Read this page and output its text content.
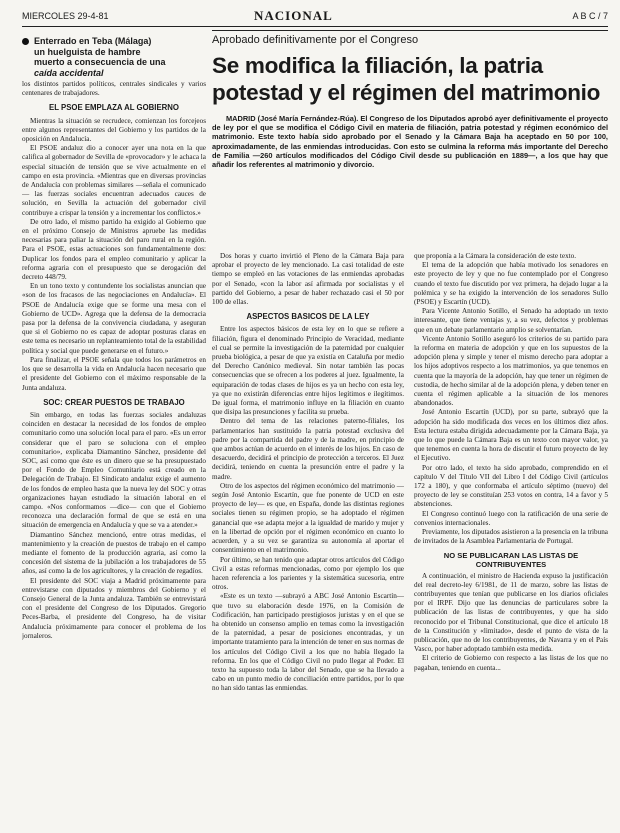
MIERCOLES 29-4-81	NACIONAL	A B C / 7
Enterrado en Teba (Málaga)
un huelguista de hambre
muerto a consecuencia de una
caída accidental

los distintos partidos políticos, centrales sindicales y varios centenares de trabajadores.

EL PSOE EMPLAZA AL GOBIERNO

Mientras la situación se recrudece, comienzan los forcejeos entre algunos representantes del Gobierno y los partidos de la oposición en Andalucía.

El PSOE andaluz dio a conocer ayer una nota en la que califica al gobernador de Sevilla de «provocador» y le achaca la especial situación de tensión que se vive actualmente en el campo en esta provincia. «Mientras que en diversas provincias de Andalucía con problemas similares —señala el comunicado— las fuerzas sociales encuentran adecuados cauces de solución, en Sevilla la actuación del gobernador civil contribuye a crispar la tensión y a incrementar los conflictos.»

De otro lado, el mismo partido ha exigido al Gobierno que en el próximo Consejo de Ministros apruebe las medidas necesarias para paliar la situación del paro rural en la región. Para el PSOE, estas actuaciones son fundamentalmente dos: Duplicar los fondos para el empleo comunitario y aplicar la reforma agraria con el presupuesto que se derogación del decreto 448/79.

En un tono texto y contundente los socialistas anuncian que «son de los fracasos de las negociaciones en Andalucía». El PSOE de Andalucía exige que se forme una mesa con el Gobierno de UCD». Agrega que la defensa de la democracia pasa por la defensa de la convivencia ciudadana, y aseguran que si el Gobierno no es capaz de adoptar posturas claras en este tema es necesario un replanteamiento total de la estabilidad política y social que puede generarse en el futuro.»

Para finalizar, el PSOE señala que todos los parámetros en los que se desarrolla la vida en Andalucía hacen necesario que el presidente del Gobierno con el máximo responsable de la Junta andaluza.

SOC: CREAR PUESTOS DE TRABAJO

Sin embargo, en todas las fuerzas sociales andaluzas coinciden en destacar la necesidad de los fondos de empleo comunitario como una solución local para el paro. «Es un error considerar que el paro se soluciona con el empleo comunitario», explicaba Diamantino Sánchez, presidente del SOC, así como que éste es un dinero que se ha presupuestado por el Fondo de Empleo Comunitario está creado en la Delegación de Trabajo. El Sindicato andaluz exige el aumento de los fondos de empleo hasta que la nueva ley del SOC y otras organizaciones hayan estudiado la situación laboral en el campo. «Nos conformamos —dice— con que el Gobierno reconozca una declaración formal de que se está en una situación de emergencia en Andalucía y que se va a atender.»

Diamantino Sánchez mencionó, entre otras medidas, el mantenimiento y la creación de puestos de trabajo en el campo mediante el fomento de la producción agraria, así como la concesión del sistema de la jubilación a los trabajadores de 55 años, así como la de los agricultores, y la creación de regadíos.

El presidente del SOC viaja a Madrid próximamente para entrevistarse con diputados y miembros del Gobierno y el Consejo General de la Junta andaluza. También se entrevistará con el presidente del Congreso de los Diputados. Gregorio Peces-Barba, el presidente del Congreso, ha de visitar Andalucía próximamente para conocer el problema de los jornaleros.

Aprobado definitivamente por el Congreso
Se modifica la filiación, la patria
potestad y el régimen del matrimonio

MADRID (José María Fernández-Rúa). El Congreso de los Diputados aprobó ayer definitivamente el proyecto de ley por el que se modifica el Código Civil en materia de filiación, patria potestad y régimen económico del matrimonio. Este texto había sido aprobado por el Senado y la Cámara Baja ha aceptado en 50 por 100, aproximadamente, de las enmiendas introducidas. Con esto se culmina la reforma más importante del Derecho de Familia —260 artículos modificados del Código Civil desde su publicación en 1889—, a los que hay que añadir los referentes al matrimonio y divorcio.

Dos horas y cuarto invirtió el Pleno de la Cámara Baja para aprobar el proyecto de ley mencionado. La casi totalidad de este tiempo se empleó en las votaciones de las enmiendas aprobadas por el Senado, «con la labor así afirmada por socialistas y el partido del Gobierno, a pesar de haber rechazado casi el 50 por 100 de ellas.

ASPECTOS BASICOS DE LA LEY

Entre los aspectos básicos de esta ley en lo que se refiere a filiación, figura el denominado Principio de Veracidad, mediante el cual se permite la investigación de la paternidad por cualquier prueba biológica, a pesar de que ya existía en Cataluña por medio del Derecho Canónico medieval. Sin notar también las pocas consecuencias que se ofrecen a los poderes al juez. Igualmente, la equiparación de todas clases de hijos es ya un hecho con esta ley, ya que no existirán diferencias entre hijos legítimos e ilegítimos. De igual forma, el matrimonio influye en la filiación en cuanto que disipa las presunciones y facilita su prueba.

Dentro del tema de las relaciones paterno-filiales, los parlamentarios han sustituido la patria potestad exclusiva del padre por la compartida del padre y de la madre, en principio de que ambos actúan de acuerdo en el interés de los hijos. En caso de desacuerdo, decidirá el principio de protección a terceros. El Juez decidirá, teniendo en cuenta la presunción entre el padre y la madre.

Otro de los aspectos del régimen económico del matrimonio —según José Antonio Escartín, que fue ponente de UCD en este proyecto de ley— es que, en España, donde las distintas regiones sociales tienen su régimen propio, se ha adoptado el régimen ganancial que «se adapta mejor a la igualdad de marido y mujer y en la libertad de opción por el régimen económico en cuanto lo acuerden, y a su vez se garantiza su autonomía al aportar el consentimiento en el matrimonio.

Por último, se han tenido que adaptar otros artículos del Código Civil a estas reformas mencionadas, como por ejemplo los que hacen referencia a los parientes y la sistemática sucesoria, entre otros.

«Este es un texto —subrayó a ABC José Antonio Escartín— que tuvo su elaboración desde 1976, en la Comisión de Codificación, han participado prestigiosos juristas y en el que se ha obtenido un consenso amplio en temas como la investigación de la paternidad, a pesar de posiciones encontradas, y un importante tratamiento para la intención de tener en sus normas de los artículos del Código Civil a los que no había llegado la reforma. En los que el Código Civil no pudo llegar al Poder. El texto ha supuesto toda la labor del Senado, que se ha llevado a cabo en un punto medio de conciliación entre partidos, por lo que no han sido tantas las enmiendas.

que proponía a la Cámara la consideración de este texto.

El tema de la adopción que había motivado los senadores en este proyecto de ley y que no fue contemplado por el Congreso cuando el texto fue discutido por vez primera, ha dejado lugar a la polémica y se ha exigido la intervención de los senadores Sullo (PSOE) y Escartín (UCD).

Para Vicente Antonio Sotillo, el Senado ha adoptado un texto interesante, que tiene ventajas y, a su vez, defectos y problemas que en un debate parlamentario amplio se solventarían.

Vicente Antonio Sotillo aseguró los criterios de su partido para la reforma en materia de adopción y que en los supuestos de la adopción plena y simple y tener el mismo derecho para adoptar a los hijos adoptivos respecto a los matrimonios, ya que tenemos en cuenta que la mayoría de la adopción, hay que tener un régimen de custodia, de hecho similar al de la adopción plena, y deben tener en cuenta el régimen aplicable a la situación de los menores abandonados.

José Antonio Escartín (UCD), por su parte, subrayó que la adopción ha sido modificada dos veces en los últimos diez años. Esta lectura estaba dirigida adecuadamente por la Cámara Baja, ya que lo que puede la Cámara Baja es un texto con mayor valor, ya que tenemos en cuenta la hora de discutir el futuro proyecto de ley el Ejecutivo.

Por otro lado, el texto ha sido aprobado, comprendido en el capítulo V del Título VII del Libro I del Código Civil (artículos 172 a 180), y que conformaba el artículo séptimo (nuevo) del proyecto de ley se constituían 253 votos en contra, 14 a favor y 5 abstenciones.

El Congreso continuó luego con la ratificación de una serie de convenios internacionales.

Previamente, los diputados asistieron a la presencia en la tribuna de invitados de la Asamblea Parlamentaria de Portugal.

NO SE PUBLICARAN LAS LISTAS DE CONTRIBUYENTES

A continuación, el ministro de Hacienda expuso la justificación del real decreto-ley 6/1981, de 11 de marzo, sobre las listas de contribuyentes que tenían que publicarse en los diarios oficiales por el IRPF. Dijo que las denuncias de particulares sobre la publicación de las listas de contribuyentes, y que ha sido reconocido por el Tribunal Constitucional, que dice el artículo 18 de la Constitución y «limitado», desde el punto de vista de la publicación, que no de los contribuyentes, de Navarra y en el País Vasco, por haber adoptado también esta medida.

El criterio de Gobierno con respecto a las listas de los que no pagaban, teniendo en cuenta...
